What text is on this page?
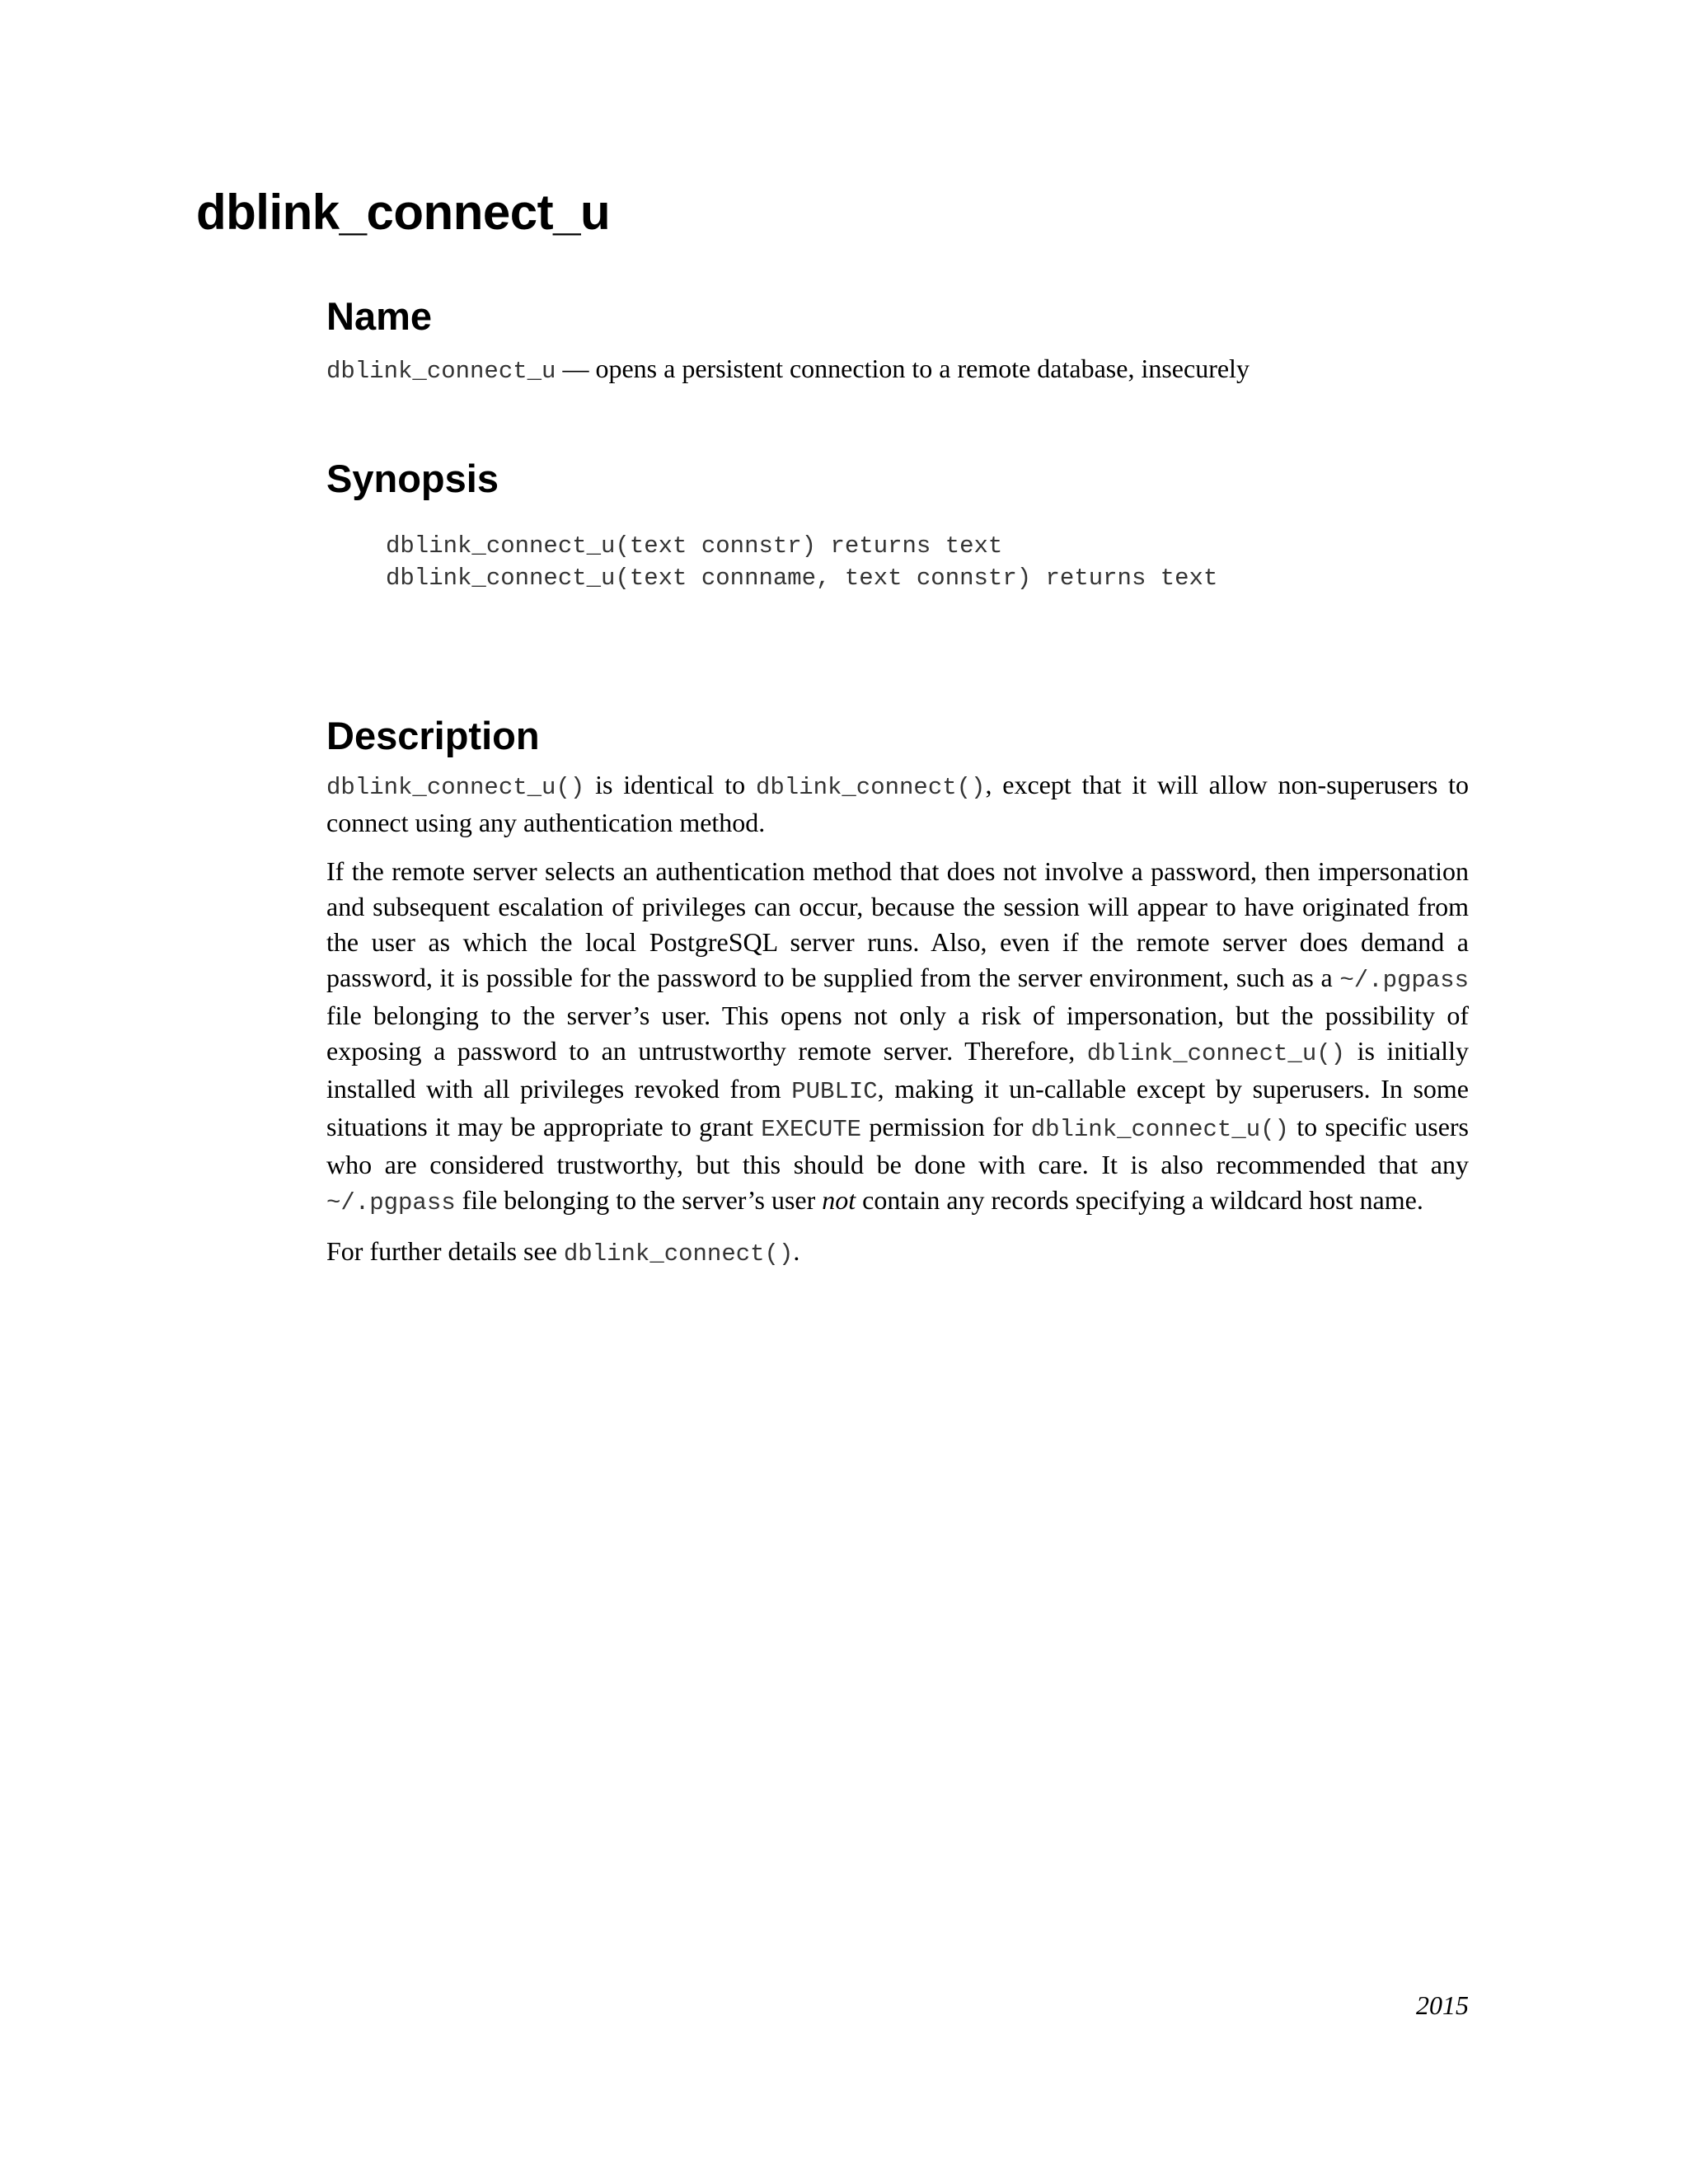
dblink_connect_u
Name

dblink_connect_u — opens a persistent connection to a remote database, insecurely

Synopsis
dblink_connect_u(text connstr) returns text
dblink_connect_u(text connname, text connstr) returns text
Description

dblink_connect_u() is identical to dblink_connect(), except that it will allow non-superusers to connect using any authentication method.

If the remote server selects an authentication method that does not involve a password, then impersonation and subsequent escalation of privileges can occur, because the session will appear to have originated from the user as which the local PostgreSQL server runs. Also, even if the remote server does demand a password, it is possible for the password to be supplied from the server environment, such as a ~/.pgpass file belonging to the server’s user. This opens not only a risk of impersonation, but the possibility of exposing a password to an untrustworthy remote server. Therefore, dblink_connect_u() is initially installed with all privileges revoked from PUBLIC, making it un-callable except by superusers. In some situations it may be appropriate to grant EXECUTE permission for dblink_connect_u() to specific users who are considered trustworthy, but this should be done with care. It is also recommended that any ~/.pgpass file belonging to the server’s user not contain any records specifying a wildcard host name.

For further details see dblink_connect().

2015
